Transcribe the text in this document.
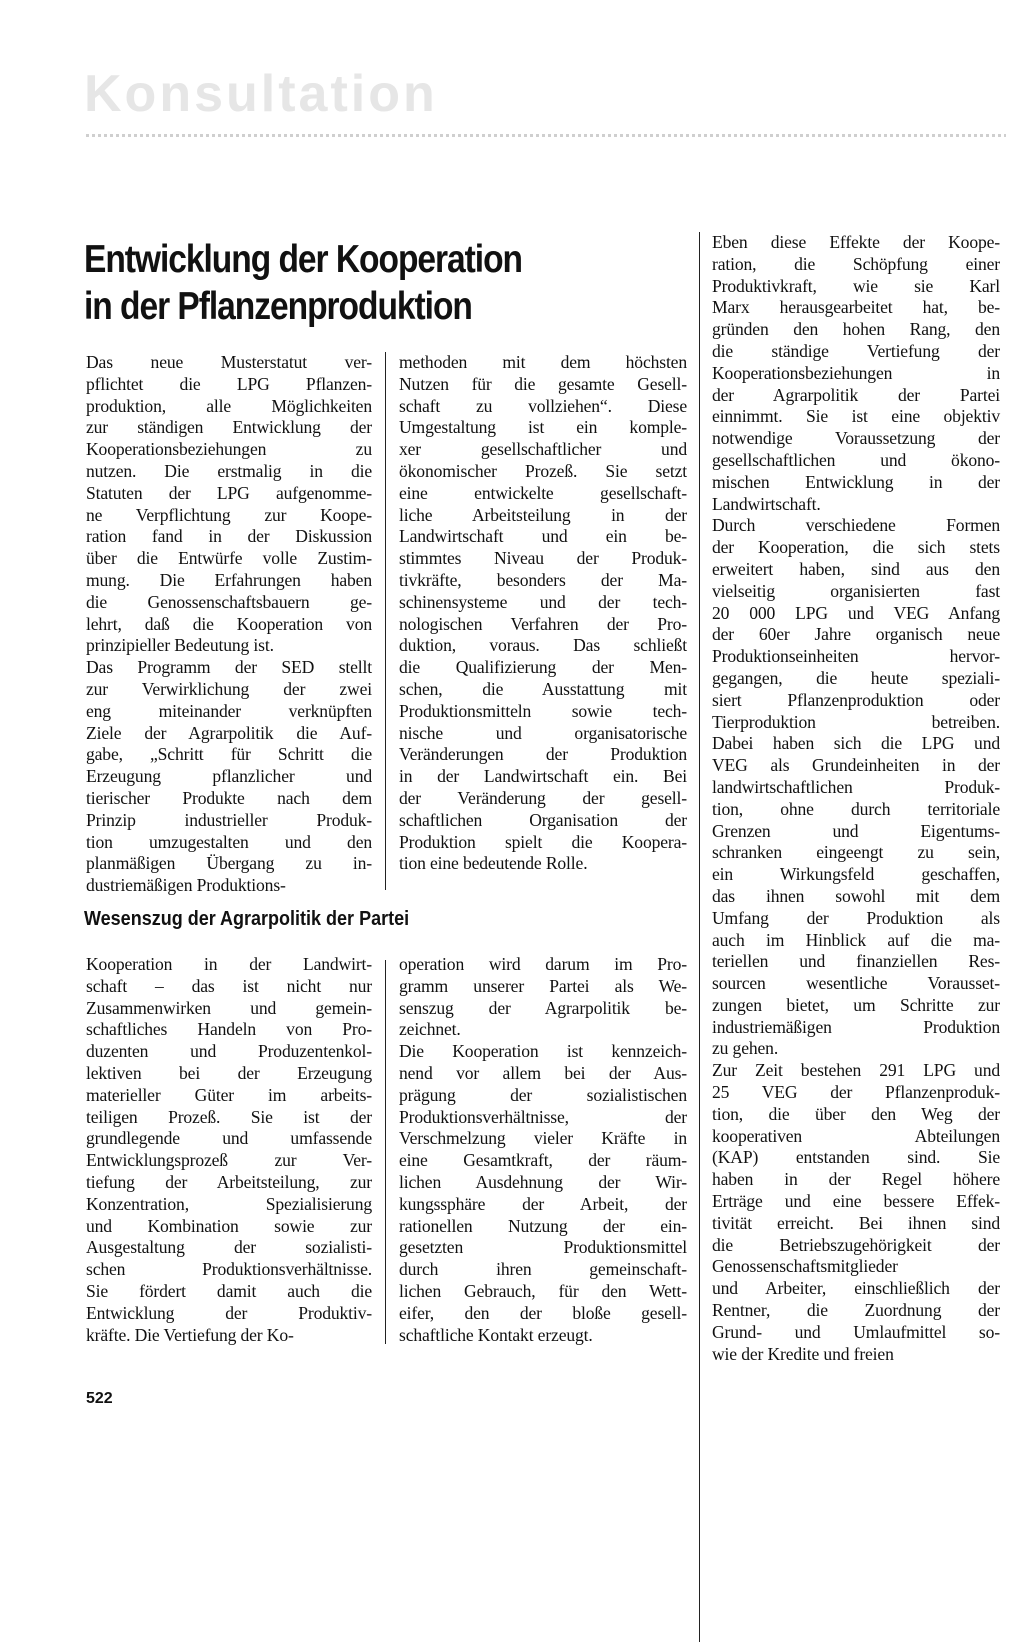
Konsultation
Entwicklung der Kooperation
in der Pflanzenproduktion
Das neue Musterstatut ver-
pflichtet die LPG Pflanzen-
produktion, alle Möglichkeiten
zur ständigen Entwicklung der
Kooperationsbeziehungen zu
nutzen. Die erstmalig in die
Statuten der LPG aufgenomme-
ne Verpflichtung zur Koope-
ration fand in der Diskussion
über die Entwürfe volle Zustim-
mung. Die Erfahrungen haben
die Genossenschaftsbauern ge-
lehrt, daß die Kooperation von
prinzipieller Bedeutung ist.
Das Programm der SED stellt
zur Verwirklichung der zwei
eng miteinander verknüpften
Ziele der Agrarpolitik die Auf-
gabe, „Schritt für Schritt die
Erzeugung pflanzlicher und
tierischer Produkte nach dem
Prinzip industrieller Produk-
tion umzugestalten und den
planmäßigen Übergang zu in-
dustriemäßigen Produktions-
methoden mit dem höchsten
Nutzen für die gesamte Gesell-
schaft zu vollziehen“. Diese
Umgestaltung ist ein komple-
xer gesellschaftlicher und
ökonomischer Prozeß. Sie setzt
eine entwickelte gesellschaft-
liche Arbeitsteilung in der
Landwirtschaft und ein be-
stimmtes Niveau der Produk-
tivkräfte, besonders der Ma-
schinensysteme und der tech-
nologischen Verfahren der Pro-
duktion, voraus. Das schließt
die Qualifizierung der Men-
schen, die Ausstattung mit
Produktionsmitteln sowie tech-
nische und organisatorische
Veränderungen der Produktion
in der Landwirtschaft ein. Bei
der Veränderung der gesell-
schaftlichen Organisation der
Produktion spielt die Koopera-
tion eine bedeutende Rolle.
Wesenszug der Agrarpolitik der Partei
Kooperation in der Landwirt-
schaft – das ist nicht nur
Zusammenwirken und gemein-
schaftliches Handeln von Pro-
duzenten und Produzentenkol-
lektiven bei der Erzeugung
materieller Güter im arbeits-
teiligen Prozeß. Sie ist der
grundlegende und umfassende
Entwicklungsprozeß zur Ver-
tiefung der Arbeitsteilung, zur
Konzentration, Spezialisierung
und Kombination sowie zur
Ausgestaltung der sozialisti-
schen Produktionsverhältnisse.
Sie fördert damit auch die
Entwicklung der Produktiv-
kräfte. Die Vertiefung der Ko-
operation wird darum im Pro-
gramm unserer Partei als We-
senszug der Agrarpolitik be-
zeichnet.
Die Kooperation ist kennzeich-
nend vor allem bei der Aus-
prägung der sozialistischen
Produktionsverhältnisse, der
Verschmelzung vieler Kräfte in
eine Gesamtkraft, der räum-
lichen Ausdehnung der Wir-
kungssphäre der Arbeit, der
rationellen Nutzung der ein-
gesetzten Produktionsmittel
durch ihren gemeinschaft-
lichen Gebrauch, für den Wett-
eifer, den der bloße gesell-
schaftliche Kontakt erzeugt.
Eben diese Effekte der Koope-
ration, die Schöpfung einer
Produktivkraft, wie sie Karl
Marx herausgearbeitet hat, be-
gründen den hohen Rang, den
die ständige Vertiefung der
Kooperationsbeziehungen in
der Agrarpolitik der Partei
einnimmt. Sie ist eine objektiv
notwendige Voraussetzung der
gesellschaftlichen und ökono-
mischen Entwicklung in der
Landwirtschaft.
Durch verschiedene Formen
der Kooperation, die sich stets
erweitert haben, sind aus den
vielseitig organisierten fast
20 000 LPG und VEG Anfang
der 60er Jahre organisch neue
Produktionseinheiten hervor-
gegangen, die heute speziali-
siert Pflanzenproduktion oder
Tierproduktion betreiben.
Dabei haben sich die LPG und
VEG als Grundeinheiten in der
landwirtschaftlichen Produk-
tion, ohne durch territoriale
Grenzen und Eigentums-
schranken eingeengt zu sein,
ein Wirkungsfeld geschaffen,
das ihnen sowohl mit dem
Umfang der Produktion als
auch im Hinblick auf die ma-
teriellen und finanziellen Res-
sourcen wesentliche Vorausset-
zungen bietet, um Schritte zur
industriemäßigen Produktion
zu gehen.
Zur Zeit bestehen 291 LPG und
25 VEG der Pflanzenproduk-
tion, die über den Weg der
kooperativen Abteilungen
(KAP) entstanden sind. Sie
haben in der Regel höhere
Erträge und eine bessere Effek-
tivität erreicht. Bei ihnen sind
die Betriebszugehörigkeit der
Genossenschaftsmitglieder
und Arbeiter, einschließlich der
Rentner, die Zuordnung der
Grund- und Umlaufmittel so-
wie der Kredite und freien
522
